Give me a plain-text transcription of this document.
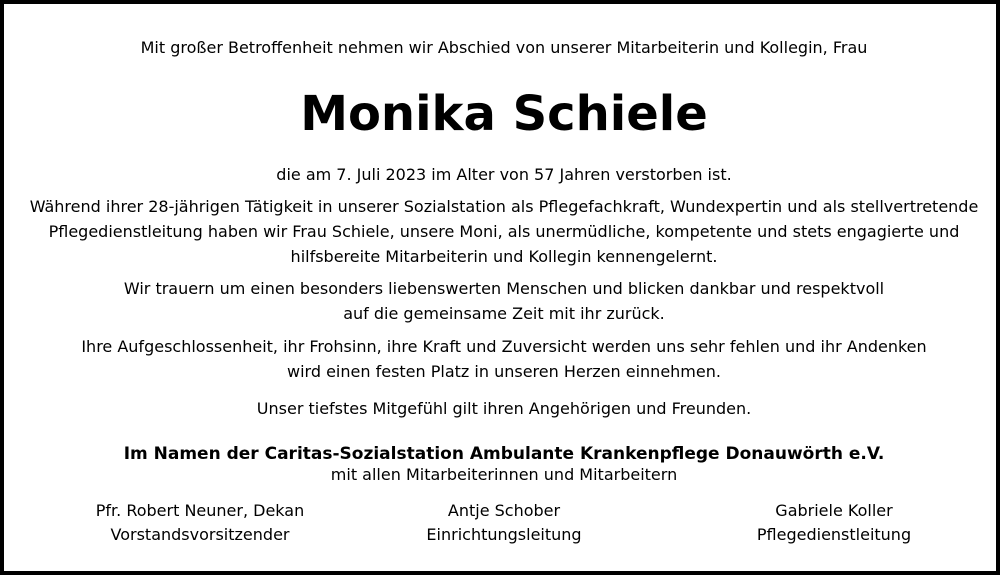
Mit großer Betroffenheit nehmen wir Abschied von unserer Mitarbeiterin und Kollegin, Frau
Monika Schiele
die am 7. Juli 2023 im Alter von 57 Jahren verstorben ist.
Während ihrer 28-jährigen Tätigkeit in unserer Sozialstation als Pflegefachkraft, Wundexpertin und als stellvertretende
Pflegedienstleitung haben wir Frau Schiele, unsere Moni, als unermüdliche, kompetente und stets engagierte und
hilfsbereite Mitarbeiterin und Kollegin kennengelernt.
Wir trauern um einen besonders liebenswerten Menschen und blicken dankbar und respektvoll
auf die gemeinsame Zeit mit ihr zurück.
Ihre Aufgeschlossenheit, ihr Frohsinn, ihre Kraft und Zuversicht werden uns sehr fehlen und ihr Andenken
wird einen festen Platz in unseren Herzen einnehmen.
Unser tiefstes Mitgefühl gilt ihren Angehörigen und Freunden.
Im Namen der Caritas-Sozialstation Ambulante Krankenpflege Donauwörth e.V.
mit allen Mitarbeiterinnen und Mitarbeitern
Pfr. Robert Neuner, Dekan
Vorstandsvorsitzender
Antje Schober
Einrichtungsleitung
Gabriele Koller
Pflegedienstleitung
